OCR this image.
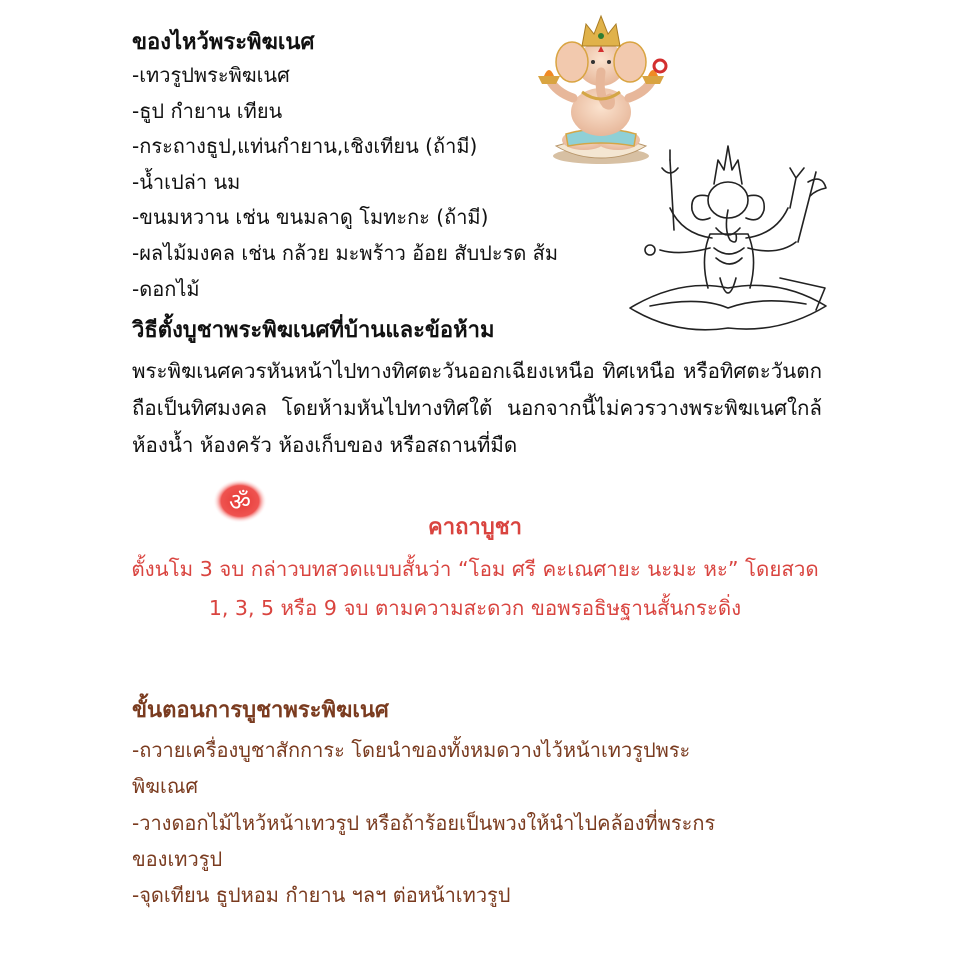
ของไหว้พระพิฆเนศ
-เทวรูปพระพิฆเนศ
-ธูป กำยาน เทียน
-กระถางธูป,แท่นกำยาน,เชิงเทียน (ถ้ามี)
-น้ำเปล่า นม
-ขนมหวาน เช่น ขนมลาดู โมทะกะ (ถ้ามี)
-ผลไม้มงคล เช่น กล้วย มะพร้าว อ้อย สับปะรด ส้ม
-ดอกไม้
วิธีตั้งบูชาพระพิฆเนศที่บ้านและข้อห้าม

พระพิฆเนศควรหันหน้าไปทางทิศตะวันออกเฉียงเหนือ ทิศเหนือ หรือทิศตะวันตก ถือเป็นทิศมงคล โดยห้ามหันไปทางทิศใต้ นอกจากนี้ไม่ควรวางพระพิฆเนศใกล้ห้องน้ำ ห้องครัว ห้องเก็บของ หรือสถานที่มืด

ॐ
คาถาบูชา
ตั้งนโม 3 จบ กล่าวบทสวดแบบสั้นว่า “โอม ศรี คะเณศายะ นะมะ หะ” โดยสวด 1, 3, 5 หรือ 9 จบ ตามความสะดวก ขอพรอธิษฐานสั้นกระดิ่ง
ขั้นตอนการบูชาพระพิฆเนศ
-ถวายเครื่องบูชาสักการะ โดยนำของทั้งหมดวางไว้หน้าเทวรูปพระ
พิฆเณศ
-วางดอกไม้ไหว้หน้าเทวรูป หรือถ้าร้อยเป็นพวงให้นำไปคล้องที่พระกร
ของเทวรูป
-จุดเทียน ธูปหอม กำยาน ฯลฯ ต่อหน้าเทวรูป
